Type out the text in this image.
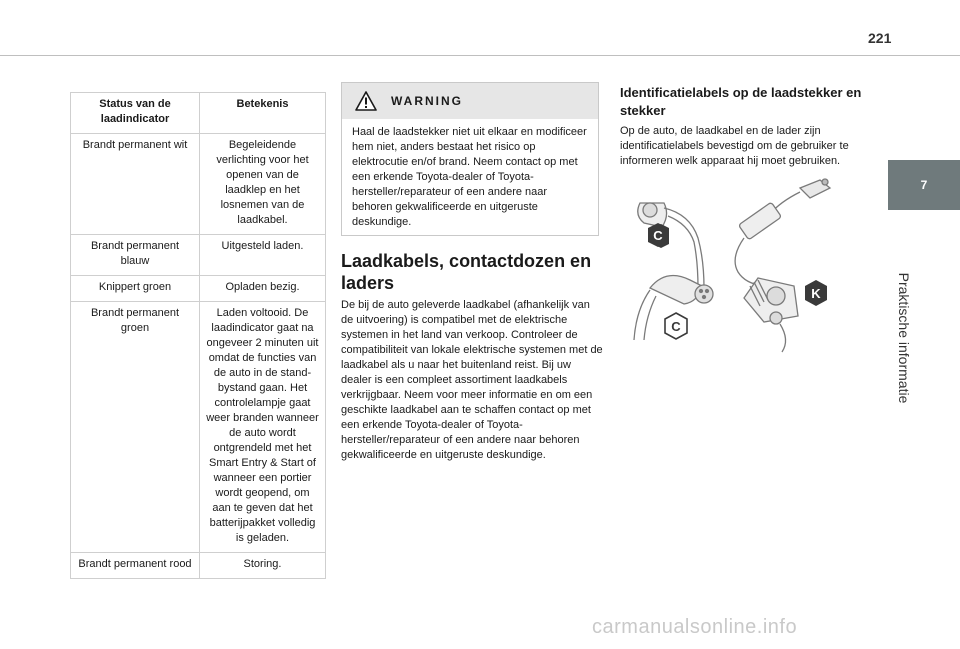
221
7
Praktische informatie
Status van de laadindicator	Betekenis
Brandt permanent wit	Begeleidende verlichting voor het openen van de laadklep en het losnemen van de laadkabel.
Brandt permanent blauw	Uitgesteld laden.
Knippert groen	Opladen bezig.
Brandt permanent groen	Laden voltooid. De laadindicator gaat na ongeveer 2 minuten uit omdat de functies van de auto in de stand-bystand gaan. Het controlelampje gaat weer branden wanneer de auto wordt ontgrendeld met het Smart Entry & Start of wanneer een portier wordt geopend, om aan te geven dat het batterijpakket volledig is geladen.
Brandt permanent rood	Storing.
WARNING
Haal de laadstekker niet uit elkaar en modificeer hem niet, anders bestaat het risico op elektrocutie en/of brand. Neem contact op met een erkende Toyota-dealer of Toyota-hersteller/reparateur of een andere naar behoren gekwalificeerde en uitgeruste deskundige.
Laadkabels, contactdozen en laders

De bij de auto geleverde laadkabel (afhankelijk van de uitvoering) is compatibel met de elektrische systemen in het land van verkoop. Controleer de compatibiliteit van lokale elektrische systemen met de laadkabel als u naar het buitenland reist. Bij uw dealer is een compleet assortiment laadkabels verkrijgbaar. Neem voor meer informatie en om een geschikte laadkabel aan te schaffen contact op met een erkende Toyota-dealer of Toyota-hersteller/reparateur of een andere naar behoren gekwalificeerde en uitgeruste deskundige.

Identificatielabels op de laadstekker en stekker

Op de auto, de laadkabel en de lader zijn identificatielabels bevestigd om de gebruiker te informeren welk apparaat hij moet gebruiken.

C
C
K
carmanualsonline.info
